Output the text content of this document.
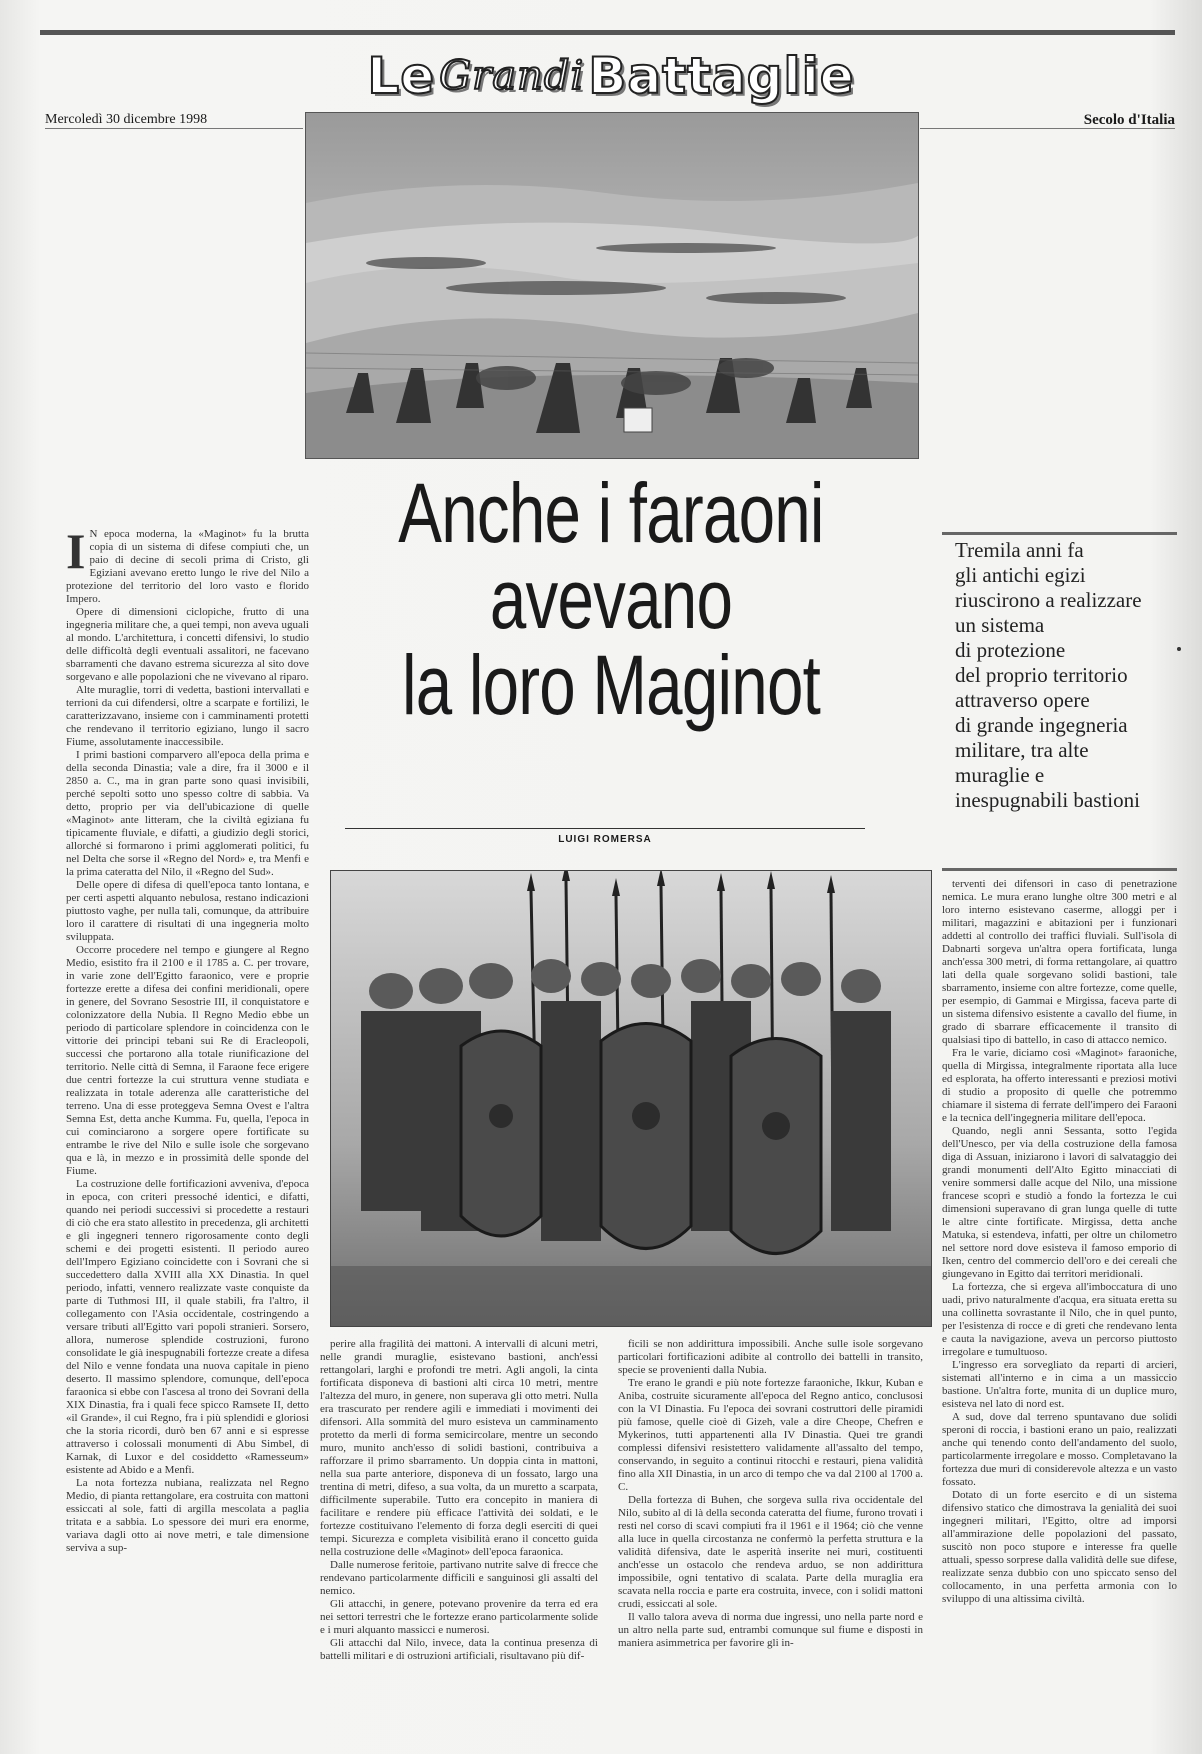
Mercoledì 30 dicembre 1998	Secolo d'Italia
Le
Grandi
Battaglie
Anche i faraoni
avevano
la loro Maginot
LUIGI ROMERSA
Tremila anni fa
gli antichi egizi
riuscirono a realizzare
un sistema
di protezione
del proprio territorio
attraverso opere
di grande ingegneria
militare, tra alte
muraglie e
inespugnabili bastioni
I N epoca moderna, la «Maginot» fu la brutta copia di un sistema di difese compiuti che, un paio di decine di secoli prima di Cristo, gli Egiziani avevano eretto lungo le rive del Nilo a protezione del territorio del loro vasto e florido Impero.

Opere di dimensioni ciclopiche, frutto di una ingegneria militare che, a quei tempi, non aveva uguali al mondo. L'architettura, i concetti difensivi, lo studio delle difficoltà degli eventuali assalitori, ne facevano sbarramenti che davano estrema sicurezza al sito dove sorgevano e alle popolazioni che ne vivevano al riparo.

Alte muraglie, torri di vedetta, bastioni intervallati e terrioni da cui difendersi, oltre a scarpate e fortilizi, le caratterizzavano, insieme con i camminamenti protetti che rendevano il territorio egiziano, lungo il sacro Fiume, assolutamente inaccessibile.

I primi bastioni comparvero all'epoca della prima e della seconda Dinastia; vale a dire, fra il 3000 e il 2850 a. C., ma in gran parte sono quasi invisibili, perché sepolti sotto uno spesso coltre di sabbia. Va detto, proprio per via dell'ubicazione di quelle «Maginot» ante litteram, che la civiltà egiziana fu tipicamente fluviale, e difatti, a giudizio degli storici, allorché si formarono i primi agglomerati politici, fu nel Delta che sorse il «Regno del Nord» e, tra Menfi e la prima cateratta del Nilo, il «Regno del Sud».

Delle opere di difesa di quell'epoca tanto lontana, e per certi aspetti alquanto nebulosa, restano indicazioni piuttosto vaghe, per nulla tali, comunque, da attribuire loro il carattere di risultati di una ingegneria molto sviluppata.

Occorre procedere nel tempo e giungere al Regno Medio, esistito fra il 2100 e il 1785 a. C. per trovare, in varie zone dell'Egitto faraonico, vere e proprie fortezze erette a difesa dei confini meridionali, opere in genere, del Sovrano Sesostrie III, il conquistatore e colonizzatore della Nubia. Il Regno Medio ebbe un periodo di particolare splendore in coincidenza con le vittorie dei principi tebani sui Re di Eracleopoli, successi che portarono alla totale riunificazione del territorio. Nelle città di Semna, il Faraone fece erigere due centri fortezze la cui struttura venne studiata e realizzata in totale aderenza alle caratteristiche del terreno. Una di esse proteggeva Semna Ovest e l'altra Semna Est, detta anche Kumma. Fu, quella, l'epoca in cui cominciarono a sorgere opere fortificate su entrambe le rive del Nilo e sulle isole che sorgevano qua e là, in mezzo e in prossimità delle sponde del Fiume.

La costruzione delle fortificazioni avveniva, d'epoca in epoca, con criteri pressoché identici, e difatti, quando nei periodi successivi si procedette a restauri di ciò che era stato allestito in precedenza, gli architetti e gli ingegneri tennero rigorosamente conto degli schemi e dei progetti esistenti. Il periodo aureo dell'Impero Egiziano coincidette con i Sovrani che si succedettero dalla XVIII alla XX Dinastia. In quel periodo, infatti, vennero realizzate vaste conquiste da parte di Tuthmosi III, il quale stabilì, fra l'altro, il collegamento con l'Asia occidentale, costringendo a versare tributi all'Egitto vari popoli stranieri. Sorsero, allora, numerose splendide costruzioni, furono consolidate le già inespugnabili fortezze create a difesa del Nilo e venne fondata una nuova capitale in pieno deserto. Il massimo splendore, comunque, dell'epoca faraonica si ebbe con l'ascesa al trono dei Sovrani della XIX Dinastia, fra i quali fece spicco Ramsete II, detto «il Grande», il cui Regno, fra i più splendidi e gloriosi che la storia ricordi, durò ben 67 anni e si espresse attraverso i colossali monumenti di Abu Simbel, di Karnak, di Luxor e del cosiddetto «Ramesseum» esistente ad Abido e a Menfi.

La nota fortezza nubiana, realizzata nel Regno Medio, di pianta rettangolare, era costruita con mattoni essiccati al sole, fatti di argilla mescolata a paglia tritata e a sabbia. Lo spessore dei muri era enorme, variava dagli otto ai nove metri, e tale dimensione serviva a sup-

perire alla fragilità dei mattoni. A intervalli di alcuni metri, nelle grandi muraglie, esistevano bastioni, anch'essi rettangolari, larghi e profondi tre metri. Agli angoli, la cinta fortificata disponeva di bastioni alti circa 10 metri, mentre l'altezza del muro, in genere, non superava gli otto metri. Nulla era trascurato per rendere agili e immediati i movimenti dei difensori. Alla sommità del muro esisteva un camminamento protetto da merli di forma semicircolare, mentre un secondo muro, munito anch'esso di solidi bastioni, contribuiva a rafforzare il primo sbarramento. Un doppia cinta in mattoni, nella sua parte anteriore, disponeva di un fossato, largo una trentina di metri, difeso, a sua volta, da un muretto a scarpata, difficilmente superabile. Tutto era concepito in maniera di facilitare e rendere più efficace l'attività dei soldati, e le fortezze costituivano l'elemento di forza degli eserciti di quei tempi. Sicurezza e completa visibilità erano il concetto guida nella costruzione delle «Maginot» dell'epoca faraonica.

Dalle numerose feritoie, partivano nutrite salve di frecce che rendevano particolarmente difficili e sanguinosi gli assalti del nemico.

Gli attacchi, in genere, potevano provenire da terra ed era nei settori terrestri che le fortezze erano particolarmente solide e i muri alquanto massicci e numerosi.

Gli attacchi dal Nilo, invece, data la continua presenza di battelli militari e di ostruzioni artificiali, risultavano più dif-

ficili se non addirittura impossibili. Anche sulle isole sorgevano particolari fortificazioni adibite al controllo dei battelli in transito, specie se provenienti dalla Nubia.

Tre erano le grandi e più note fortezze faraoniche, Ikkur, Kuban e Aniba, costruite sicuramente all'epoca del Regno antico, conclusosi con la VI Dinastia. Fu l'epoca dei sovrani costruttori delle piramidi più famose, quelle cioè di Gizeh, vale a dire Cheope, Chefren e Mykerinos, tutti appartenenti alla IV Dinastia. Quei tre grandi complessi difensivi resistettero validamente all'assalto del tempo, conservando, in seguito a continui ritocchi e restauri, piena validità fino alla XII Dinastia, in un arco di tempo che va dal 2100 al 1700 a. C.

Della fortezza di Buhen, che sorgeva sulla riva occidentale del Nilo, subito al di là della seconda cateratta del fiume, furono trovati i resti nel corso di scavi compiuti fra il 1961 e il 1964; ciò che venne alla luce in quella circostanza ne confermò la perfetta struttura e la validità difensiva, date le asperità inserite nei muri, costituenti anch'esse un ostacolo che rendeva arduo, se non addirittura impossibile, ogni tentativo di scalata. Parte della muraglia era scavata nella roccia e parte era costruita, invece, con i solidi mattoni crudi, essiccati al sole.

Il vallo talora aveva di norma due ingressi, uno nella parte nord e un altro nella parte sud, entrambi comunque sul fiume e disposti in maniera asimmetrica per favorire gli in-

terventi dei difensori in caso di penetrazione nemica. Le mura erano lunghe oltre 300 metri e al loro interno esistevano caserme, alloggi per i militari, magazzini e abitazioni per i funzionari addetti al controllo dei traffici fluviali. Sull'isola di Dabnarti sorgeva un'altra opera fortificata, lunga anch'essa 300 metri, di forma rettangolare, ai quattro lati della quale sorgevano solidi bastioni, tale sbarramento, insieme con altre fortezze, come quelle, per esempio, di Gammai e Mirgissa, faceva parte di un sistema difensivo esistente a cavallo del fiume, in grado di sbarrare efficacemente il transito di qualsiasi tipo di battello, in caso di attacco nemico.

Fra le varie, diciamo così «Maginot» faraoniche, quella di Mirgissa, integralmente riportata alla luce ed esplorata, ha offerto interessanti e preziosi motivi di studio a proposito di quelle che potremmo chiamare il sistema di ferrate dell'impero dei Faraoni e la tecnica dell'ingegneria militare dell'epoca.

Quando, negli anni Sessanta, sotto l'egida dell'Unesco, per via della costruzione della famosa diga di Assuan, iniziarono i lavori di salvataggio dei grandi monumenti dell'Alto Egitto minacciati di venire sommersi dalle acque del Nilo, una missione francese scoprì e studiò a fondo la fortezza le cui dimensioni superavano di gran lunga quelle di tutte le altre cinte fortificate. Mirgissa, detta anche Matuka, si estendeva, infatti, per oltre un chilometro nel settore nord dove esisteva il famoso emporio di Iken, centro del commercio dell'oro e dei cereali che giungevano in Egitto dai territori meridionali.

La fortezza, che si ergeva all'imboccatura di uno uadi, privo naturalmente d'acqua, era situata eretta su una collinetta sovrastante il Nilo, che in quel punto, per l'esistenza di rocce e di greti che rendevano lenta e cauta la navigazione, aveva un percorso piuttosto irregolare e tumultuoso.

L'ingresso era sorvegliato da reparti di arcieri, sistemati all'interno e in cima a un massiccio bastione. Un'altra forte, munita di un duplice muro, esisteva nel lato di nord est.

A sud, dove dal terreno spuntavano due solidi speroni di roccia, i bastioni erano un paio, realizzati anche qui tenendo conto dell'andamento del suolo, particolarmente irregolare e mosso. Completavano la fortezza due muri di considerevole altezza e un vasto fossato.

Dotato di un forte esercito e di un sistema difensivo statico che dimostrava la genialità dei suoi ingegneri militari, l'Egitto, oltre ad imporsi all'ammirazione delle popolazioni del passato, suscitò non poco stupore e interesse fra quelle attuali, spesso sorprese dalla validità delle sue difese, realizzate senza dubbio con uno spiccato senso del collocamento, in una perfetta armonia con lo sviluppo di una altissima civiltà.
